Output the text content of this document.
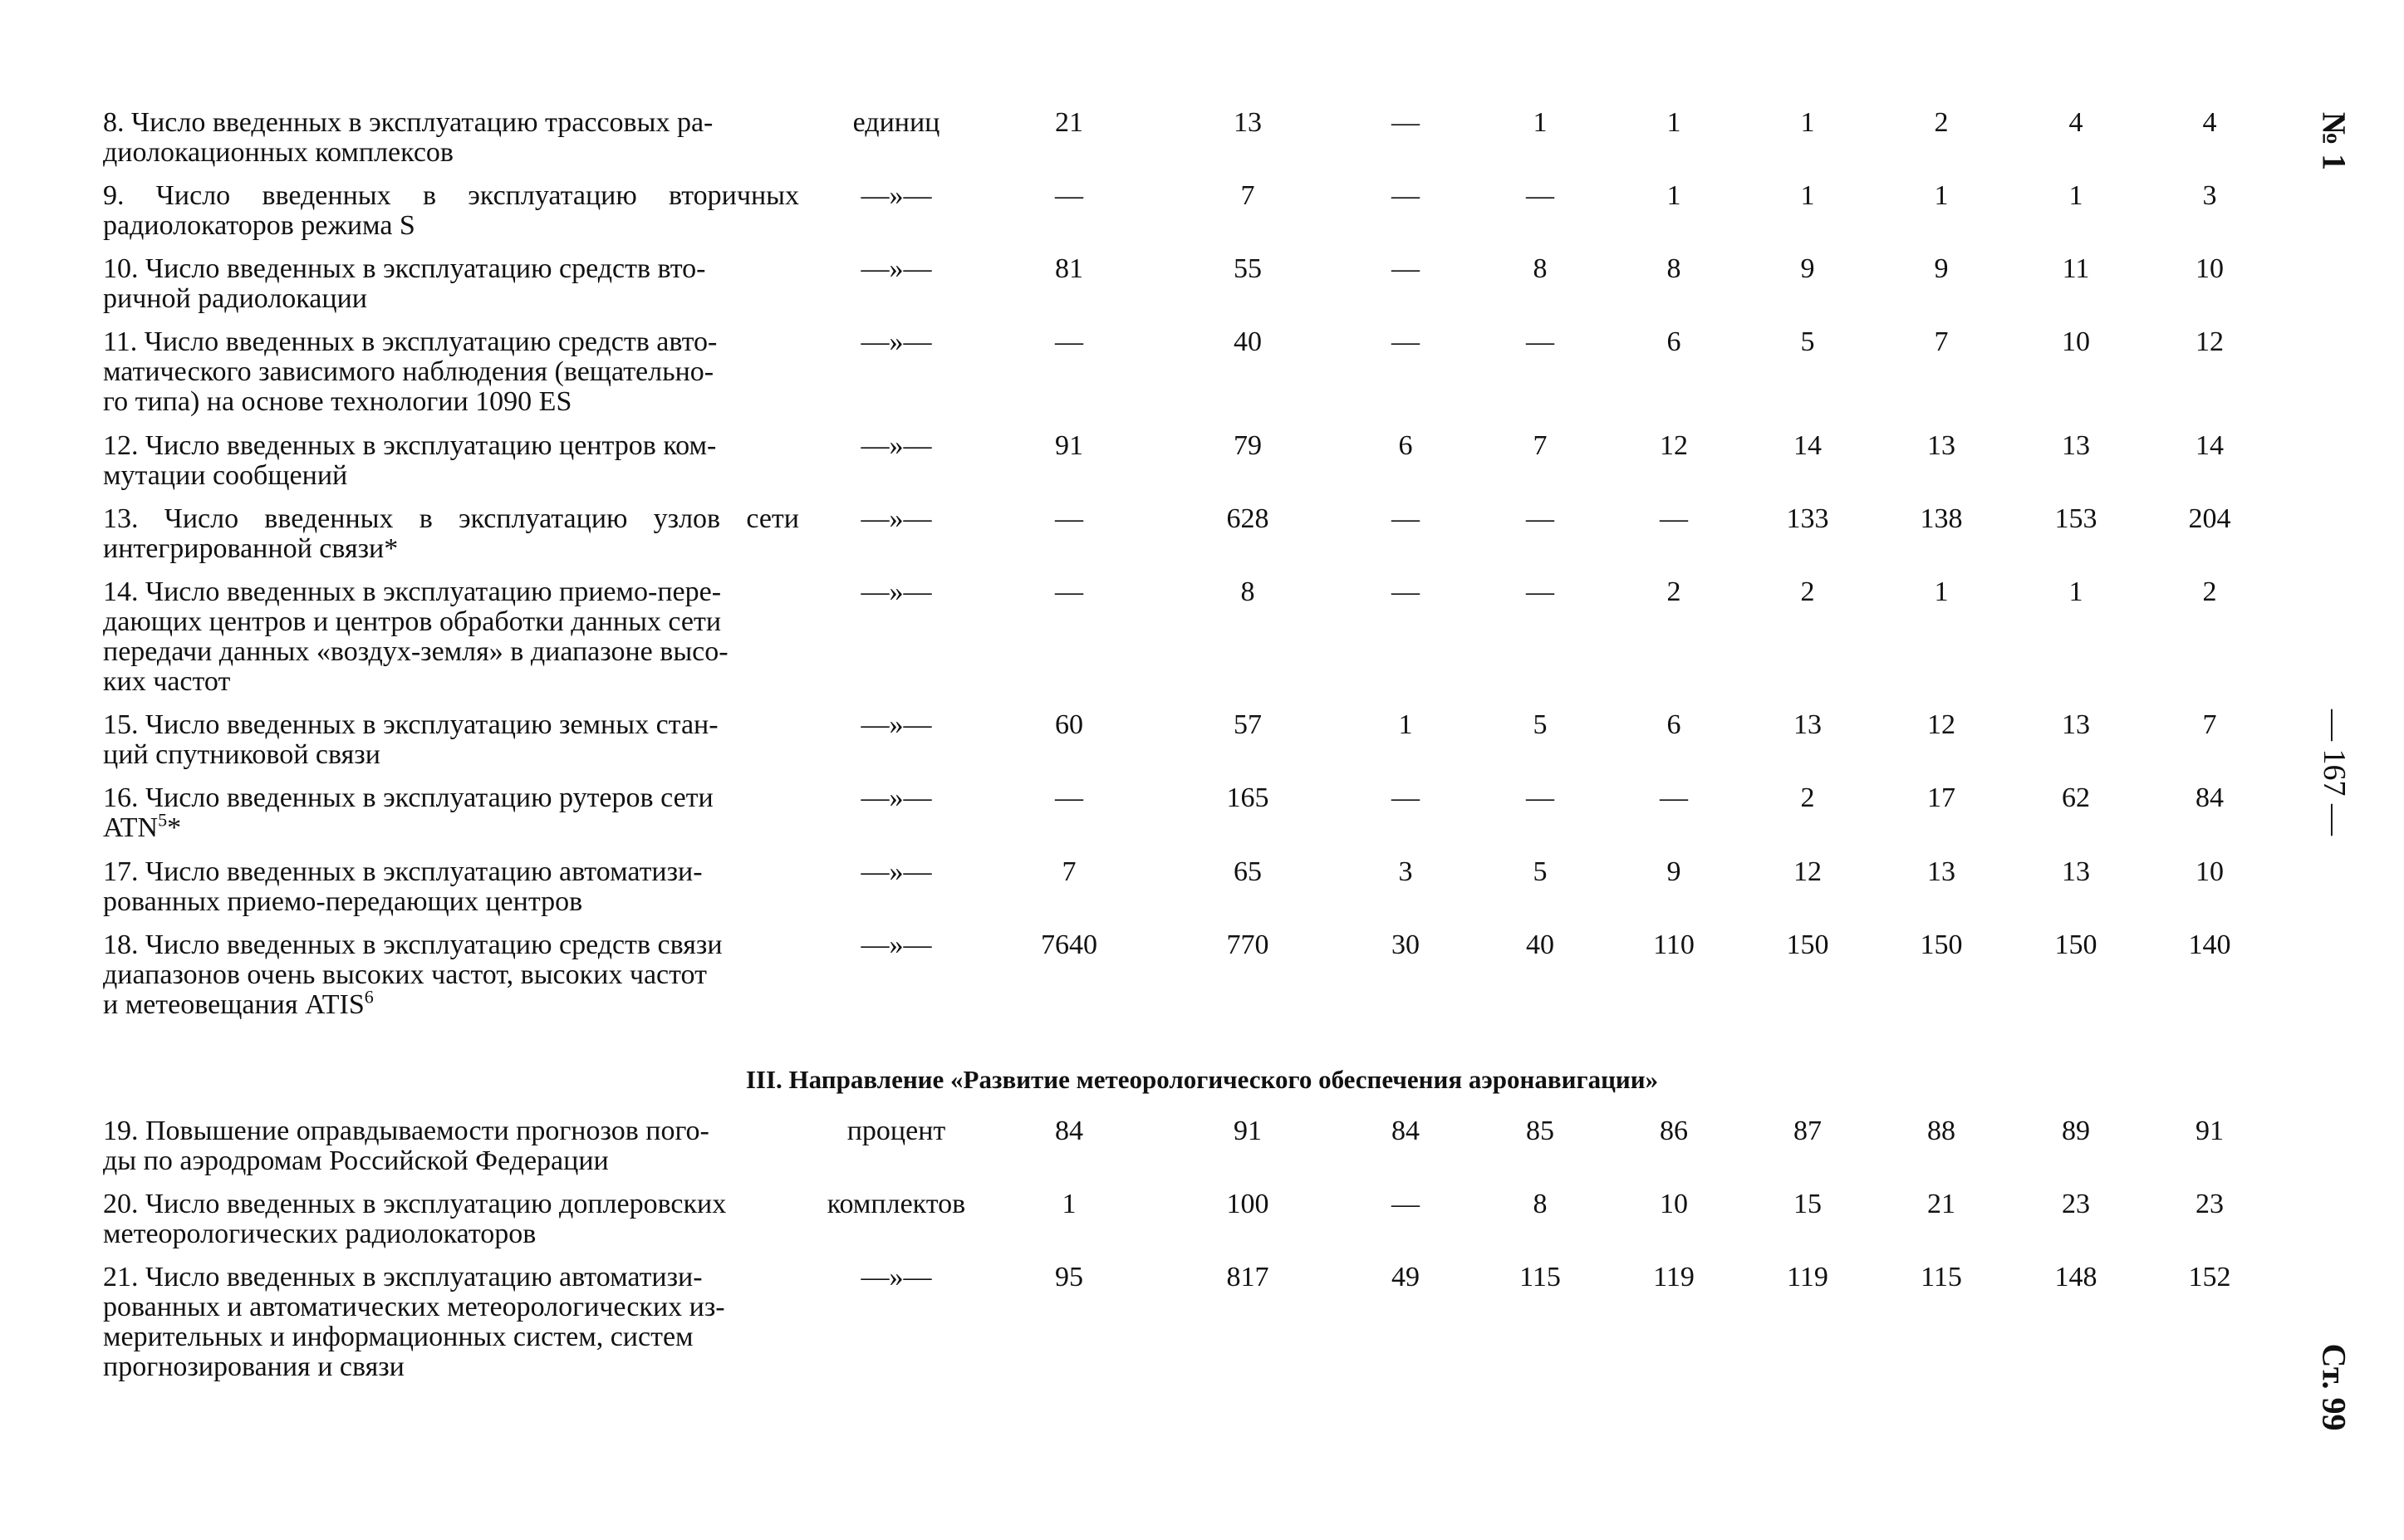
8. Число введенных в эксплуатацию трассовых ра-
диолокационных комплексов
единиц	21	13	—	1	1	1	2	4	4
9. Число введенных в эксплуатацию вторичных радиолокаторов режима S
—»—	—	7	—	—	1	1	1	1	3
10. Число введенных в эксплуатацию средств вто-
ричной радиолокации
—»—	81	55	—	8	8	9	9	11	10
11. Число введенных в эксплуатацию средств авто-
матического зависимого наблюдения (вещательно-
го типа) на основе технологии 1090 ES
—»—	—	40	—	—	6	5	7	10	12
12. Число введенных в эксплуатацию центров ком-
мутации сообщений
—»—	91	79	6	7	12	14	13	13	14
13. Число введенных в эксплуатацию узлов сети интегрированной связи*
—»—	—	628	—	—	—	133	138	153	204
14. Число введенных в эксплуатацию приемо-пере-
дающих центров и центров обработки данных сети
передачи данных «воздух-земля» в диапазоне высо-
ких частот
—»—	—	8	—	—	2	2	1	1	2
15. Число введенных в эксплуатацию земных стан-
ций спутниковой связи
—»—	60	57	1	5	6	13	12	13	7
16. Число введенных в эксплуатацию рутеров сети
ATN$^5$*
—»—	—	165	—	—	—	2	17	62	84
17. Число введенных в эксплуатацию автоматизи-
рованных приемо-передающих центров
—»—	7	65	3	5	9	12	13	13	10
18. Число введенных в эксплуатацию средств связи
диапазонов очень высоких частот, высоких частот
и метеовещания ATIS$^6$
—»—	7640	770	30	40	110	150	150	150	140
III. Направление «Развитие метеорологического обеспечения аэронавигации»
19. Повышение оправдываемости прогнозов пого-
ды по аэродромам Российской Федерации
процент	84	91	84	85	86	87	88	89	91
20. Число введенных в эксплуатацию доплеровских
метеорологических радиолокаторов
комплектов	1	100	—	8	10	15	21	23	23
21. Число введенных в эксплуатацию автоматизи-
рованных и автоматических метеорологических из-
мерительных и информационных систем, систем
прогнозирования и связи
—»—	95	817	49	115	119	119	115	148	152
№ 1
— 167 —
Ст. 99
